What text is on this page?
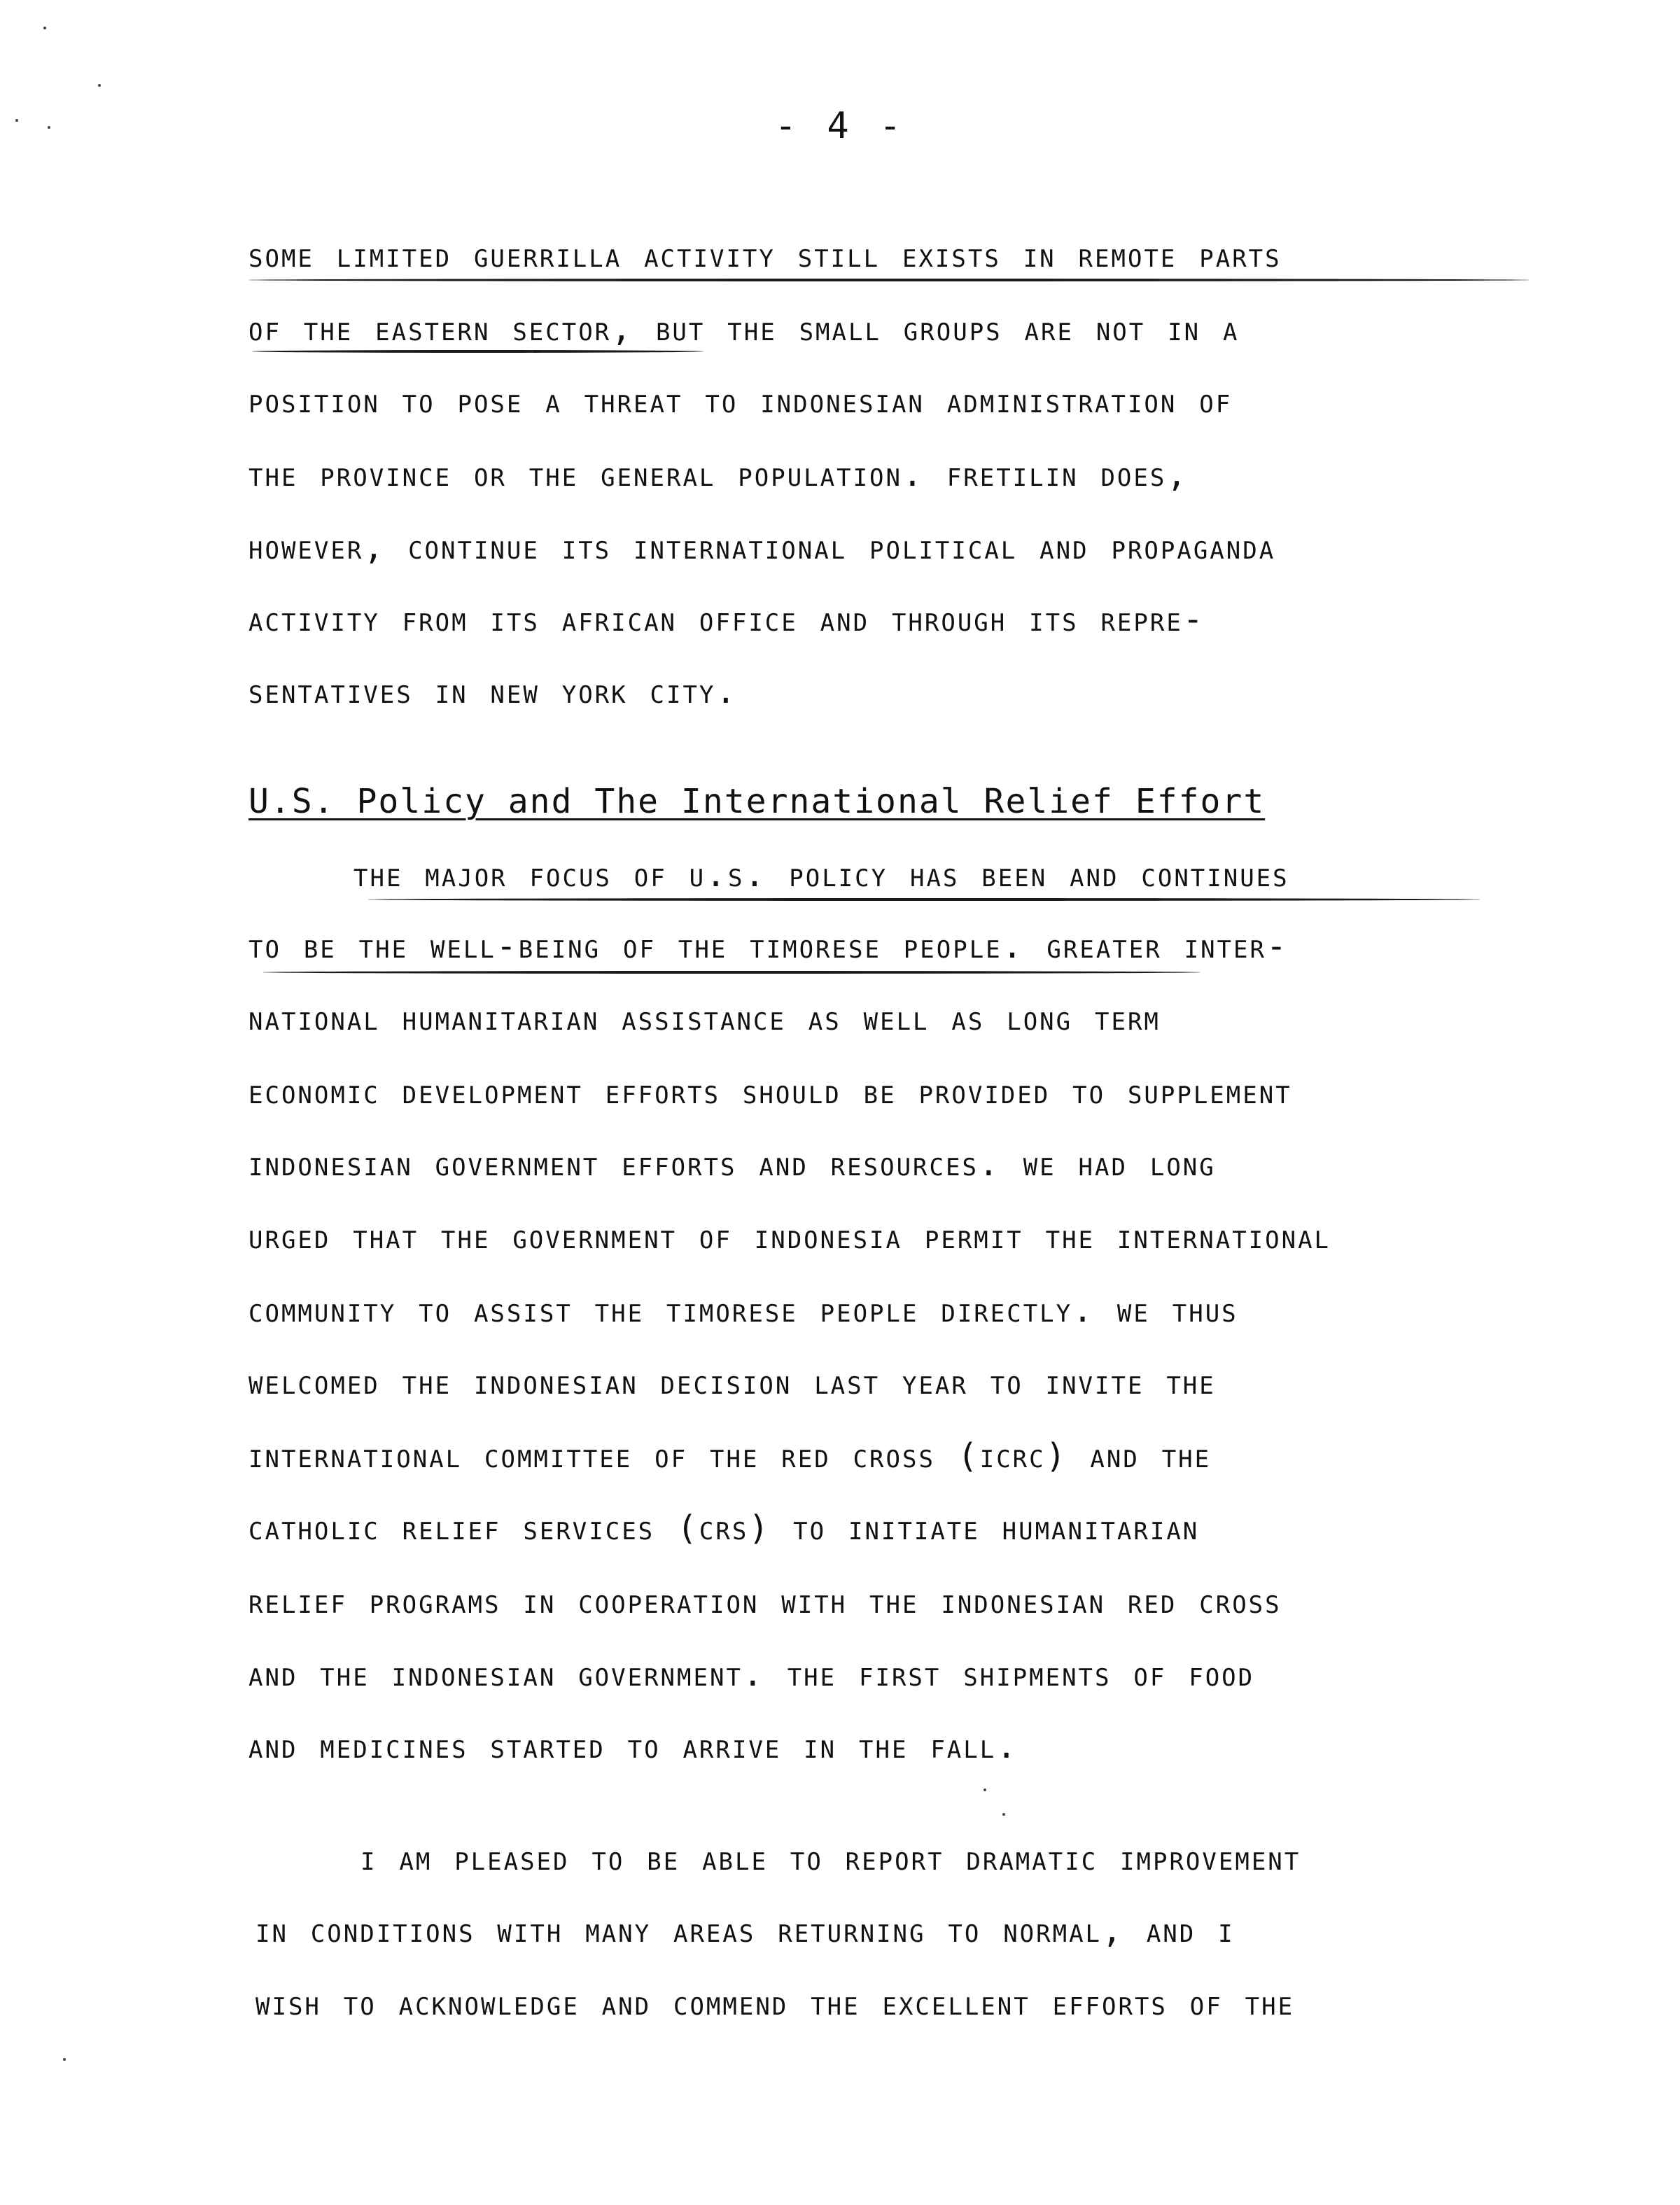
- 4 -
some limited guerrilla activity still exists in remote parts
of the eastern sector, but the small groups are not in a
position to pose a threat to indonesian administration of
the province or the general population. fretilin does,
however, continue its international political and propaganda
activity from its african office and through its repre-
sentatives in new york city.
U.S. Policy and The International Relief Effort
the major focus of u.s. policy has been and continues
to be the well-being of the timorese people. greater inter-
national humanitarian assistance as well as long term
economic development efforts should be provided to supplement
indonesian government efforts and resources. we had long
urged that the government of indonesia permit the international
community to assist the timorese people directly. we thus
welcomed the indonesian decision last year to invite the
international committee of the red cross (icrc) and the
catholic relief services (crs) to initiate humanitarian
relief programs in cooperation with the indonesian red cross
and the indonesian government. the first shipments of food
and medicines started to arrive in the fall.
i am pleased to be able to report dramatic improvement
in conditions with many areas returning to normal, and i
wish to acknowledge and commend the excellent efforts of the
